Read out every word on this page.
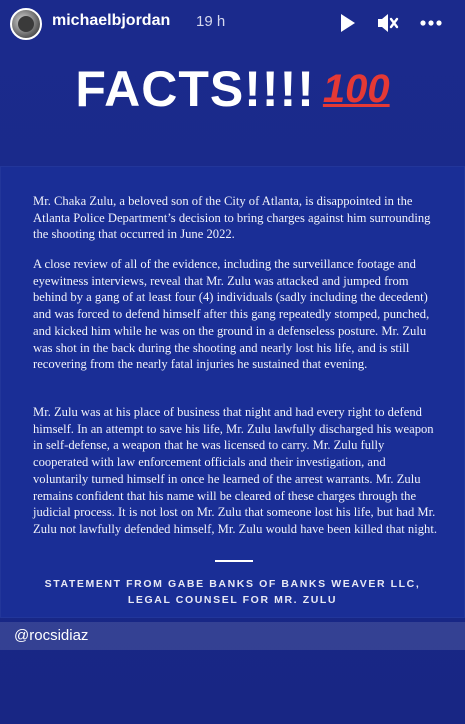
michaelbjordan 19 h
FACTS!!!! 100

Mr. Chaka Zulu, a beloved son of the City of Atlanta, is disappointed in the Atlanta Police Department’s decision to bring charges against him surrounding the shooting that occurred in June 2022.

A close review of all of the evidence, including the surveillance footage and eyewitness interviews, reveal that Mr. Zulu was attacked and jumped from behind by a gang of at least four (4) individuals (sadly including the decedent) and was forced to defend himself after this gang repeatedly stomped, punched, and kicked him while he was on the ground in a defenseless posture. Mr. Zulu was shot in the back during the shooting and nearly lost his life, and is still recovering from the nearly fatal injuries he sustained that evening.

Mr. Zulu was at his place of business that night and had every right to defend himself. In an attempt to save his life, Mr. Zulu lawfully discharged his weapon in self-defense, a weapon that he was licensed to carry. Mr. Zulu fully cooperated with law enforcement officials and their investigation, and voluntarily turned himself in once he learned of the arrest warrants. Mr. Zulu remains confident that his name will be cleared of these charges through the judicial process. It is not lost on Mr. Zulu that someone lost his life, but had Mr. Zulu not lawfully defended himself, Mr. Zulu would have been killed that night.

STATEMENT FROM GABE BANKS OF BANKS WEAVER LLC,
LEGAL COUNSEL FOR MR. ZULU
@rocsidiaz
